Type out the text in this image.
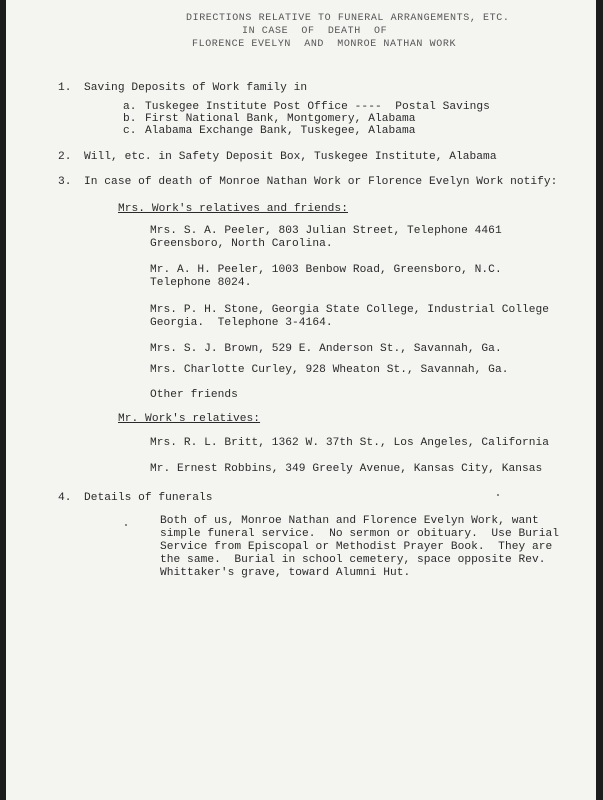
DIRECTIONS RELATIVE TO FUNERAL ARRANGEMENTS, ETC.
IN CASE  OF  DEATH  OF
FLORENCE EVELYN  AND  MONROE NATHAN WORK
1. Saving Deposits of Work family in
a. Tuskegee Institute Post Office ----  Postal Savings
b. First National Bank, Montgomery, Alabama
c. Alabama Exchange Bank, Tuskegee, Alabama
2. Will, etc. in Safety Deposit Box, Tuskegee Institute, Alabama
3. In case of death of Monroe Nathan Work or Florence Evelyn Work notify:
Mrs. Work's relatives and friends:
Mrs. S. A. Peeler, 803 Julian Street, Telephone 4461
Greensboro, North Carolina.
Mr. A. H. Peeler, 1003 Benbow Road, Greensboro, N.C.
Telephone 8024.
Mrs. P. H. Stone, Georgia State College, Industrial College
Georgia.  Telephone 3-4164.
Mrs. S. J. Brown, 529 E. Anderson St., Savannah, Ga.
Mrs. Charlotte Curley, 928 Wheaton St., Savannah, Ga.
Other friends
Mr. Work's relatives:
Mrs. R. L. Britt, 1362 W. 37th St., Los Angeles, California
Mr. Ernest Robbins, 349 Greely Avenue, Kansas City, Kansas
4. Details of funerals
Both of us, Monroe Nathan and Florence Evelyn Work, want
simple funeral service.  No sermon or obituary.  Use Burial
Service from Episcopal or Methodist Prayer Book.  They are
the same.  Burial in school cemetery, space opposite Rev.
Whittaker's grave, toward Alumni Hut.
